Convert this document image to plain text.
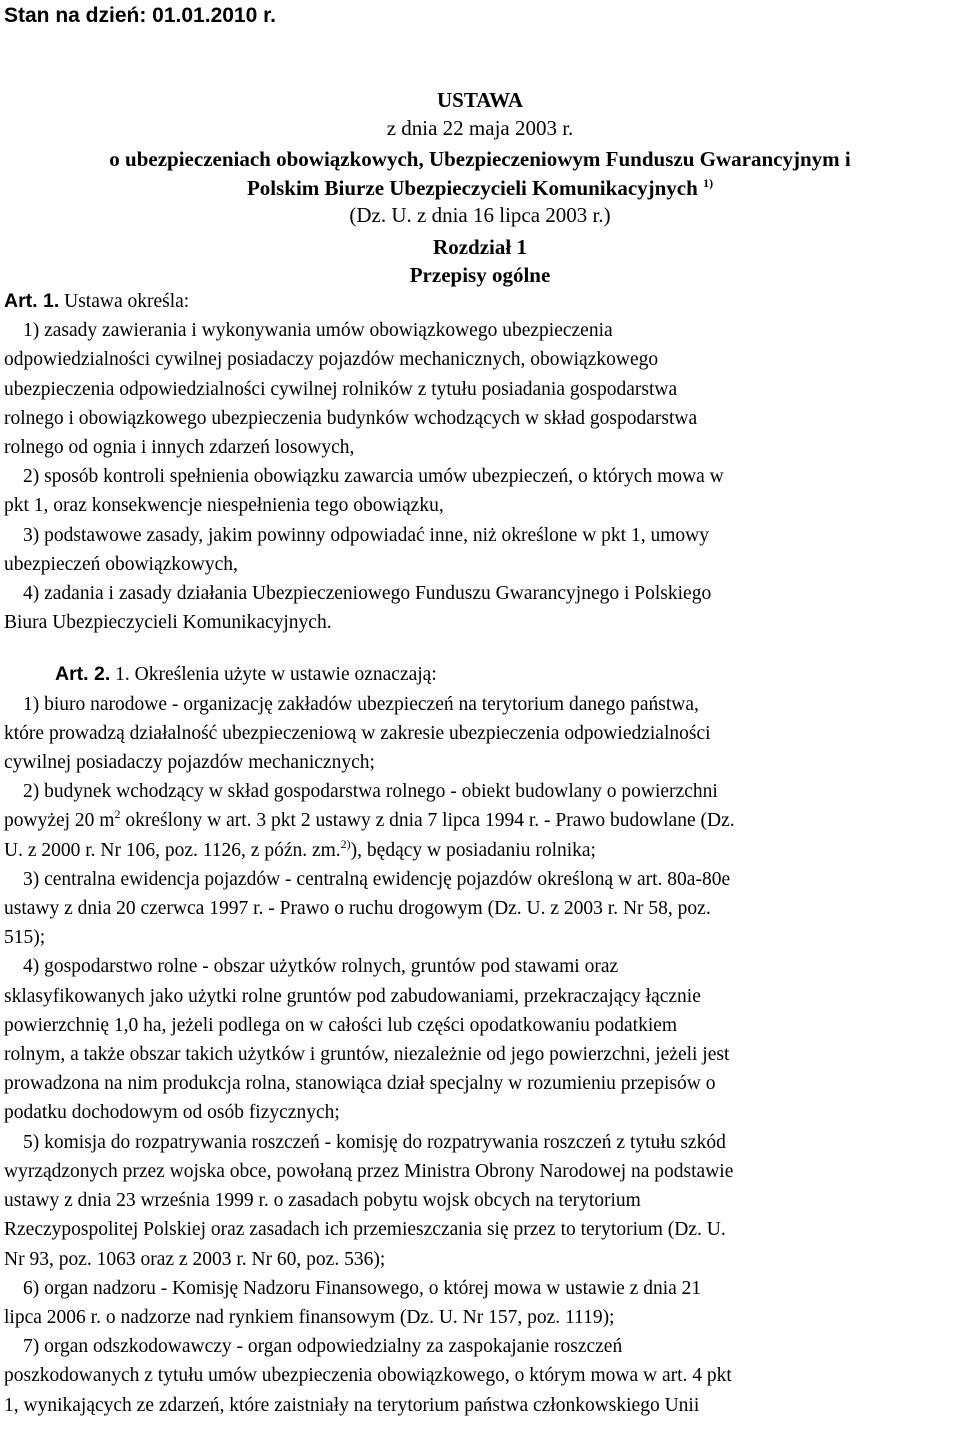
Stan na dzień: 01.01.2010 r.
USTAWA
z dnia 22 maja 2003 r.
o ubezpieczeniach obowiązkowych, Ubezpieczeniowym Funduszu Gwarancyjnym i
Polskim Biurze Ubezpieczycieli Komunikacyjnych $^{1)}$
(Dz. U. z dnia 16 lipca 2003 r.)
Rozdział 1
Przepisy ogólne
Art. 1. Ustawa określa:
1) zasady zawierania i wykonywania umów obowiązkowego ubezpieczenia
odpowiedzialności cywilnej posiadaczy pojazdów mechanicznych, obowiązkowego
ubezpieczenia odpowiedzialności cywilnej rolników z tytułu posiadania gospodarstwa
rolnego i obowiązkowego ubezpieczenia budynków wchodzących w skład gospodarstwa
rolnego od ognia i innych zdarzeń losowych,
2) sposób kontroli spełnienia obowiązku zawarcia umów ubezpieczeń, o których mowa w
pkt 1, oraz konsekwencje niespełnienia tego obowiązku,
3) podstawowe zasady, jakim powinny odpowiadać inne, niż określone w pkt 1, umowy
ubezpieczeń obowiązkowych,
4) zadania i zasady działania Ubezpieczeniowego Funduszu Gwarancyjnego i Polskiego
Biura Ubezpieczycieli Komunikacyjnych.
Art. 2. 1. Określenia użyte w ustawie oznaczają:
1) biuro narodowe - organizację zakładów ubezpieczeń na terytorium danego państwa,
które prowadzą działalność ubezpieczeniową w zakresie ubezpieczenia odpowiedzialności
cywilnej posiadaczy pojazdów mechanicznych;
2) budynek wchodzący w skład gospodarstwa rolnego - obiekt budowlany o powierzchni
powyżej 20 $m^2$ określony w art. 3 pkt 2 ustawy z dnia 7 lipca 1994 r. - Prawo budowlane (Dz.
U. z 2000 r. Nr 106, poz. 1126, z późn. zm.$^{2)}$), będący w posiadaniu rolnika;
3) centralna ewidencja pojazdów - centralną ewidencję pojazdów określoną w art. 80a-80e
ustawy z dnia 20 czerwca 1997 r. - Prawo o ruchu drogowym (Dz. U. z 2003 r. Nr 58, poz.
515);
4) gospodarstwo rolne - obszar użytków rolnych, gruntów pod stawami oraz
sklasyfikowanych jako użytki rolne gruntów pod zabudowaniami, przekraczający łącznie
powierzchnię 1,0 ha, jeżeli podlega on w całości lub części opodatkowaniu podatkiem
rolnym, a także obszar takich użytków i gruntów, niezależnie od jego powierzchni, jeżeli jest
prowadzona na nim produkcja rolna, stanowiąca dział specjalny w rozumieniu przepisów o
podatku dochodowym od osób fizycznych;
5) komisja do rozpatrywania roszczeń - komisję do rozpatrywania roszczeń z tytułu szkód
wyrządzonych przez wojska obce, powołaną przez Ministra Obrony Narodowej na podstawie
ustawy z dnia 23 września 1999 r. o zasadach pobytu wojsk obcych na terytorium
Rzeczypospolitej Polskiej oraz zasadach ich przemieszczania się przez to terytorium (Dz. U.
Nr 93, poz. 1063 oraz z 2003 r. Nr 60, poz. 536);
6) organ nadzoru - Komisję Nadzoru Finansowego, o której mowa w ustawie z dnia 21
lipca 2006 r. o nadzorze nad rynkiem finansowym (Dz. U. Nr 157, poz. 1119);
7) organ odszkodowawczy - organ odpowiedzialny za zaspokajanie roszczeń
poszkodowanych z tytułu umów ubezpieczenia obowiązkowego, o którym mowa w art. 4 pkt
1, wynikających ze zdarzeń, które zaistniały na terytorium państwa członkowskiego Unii
